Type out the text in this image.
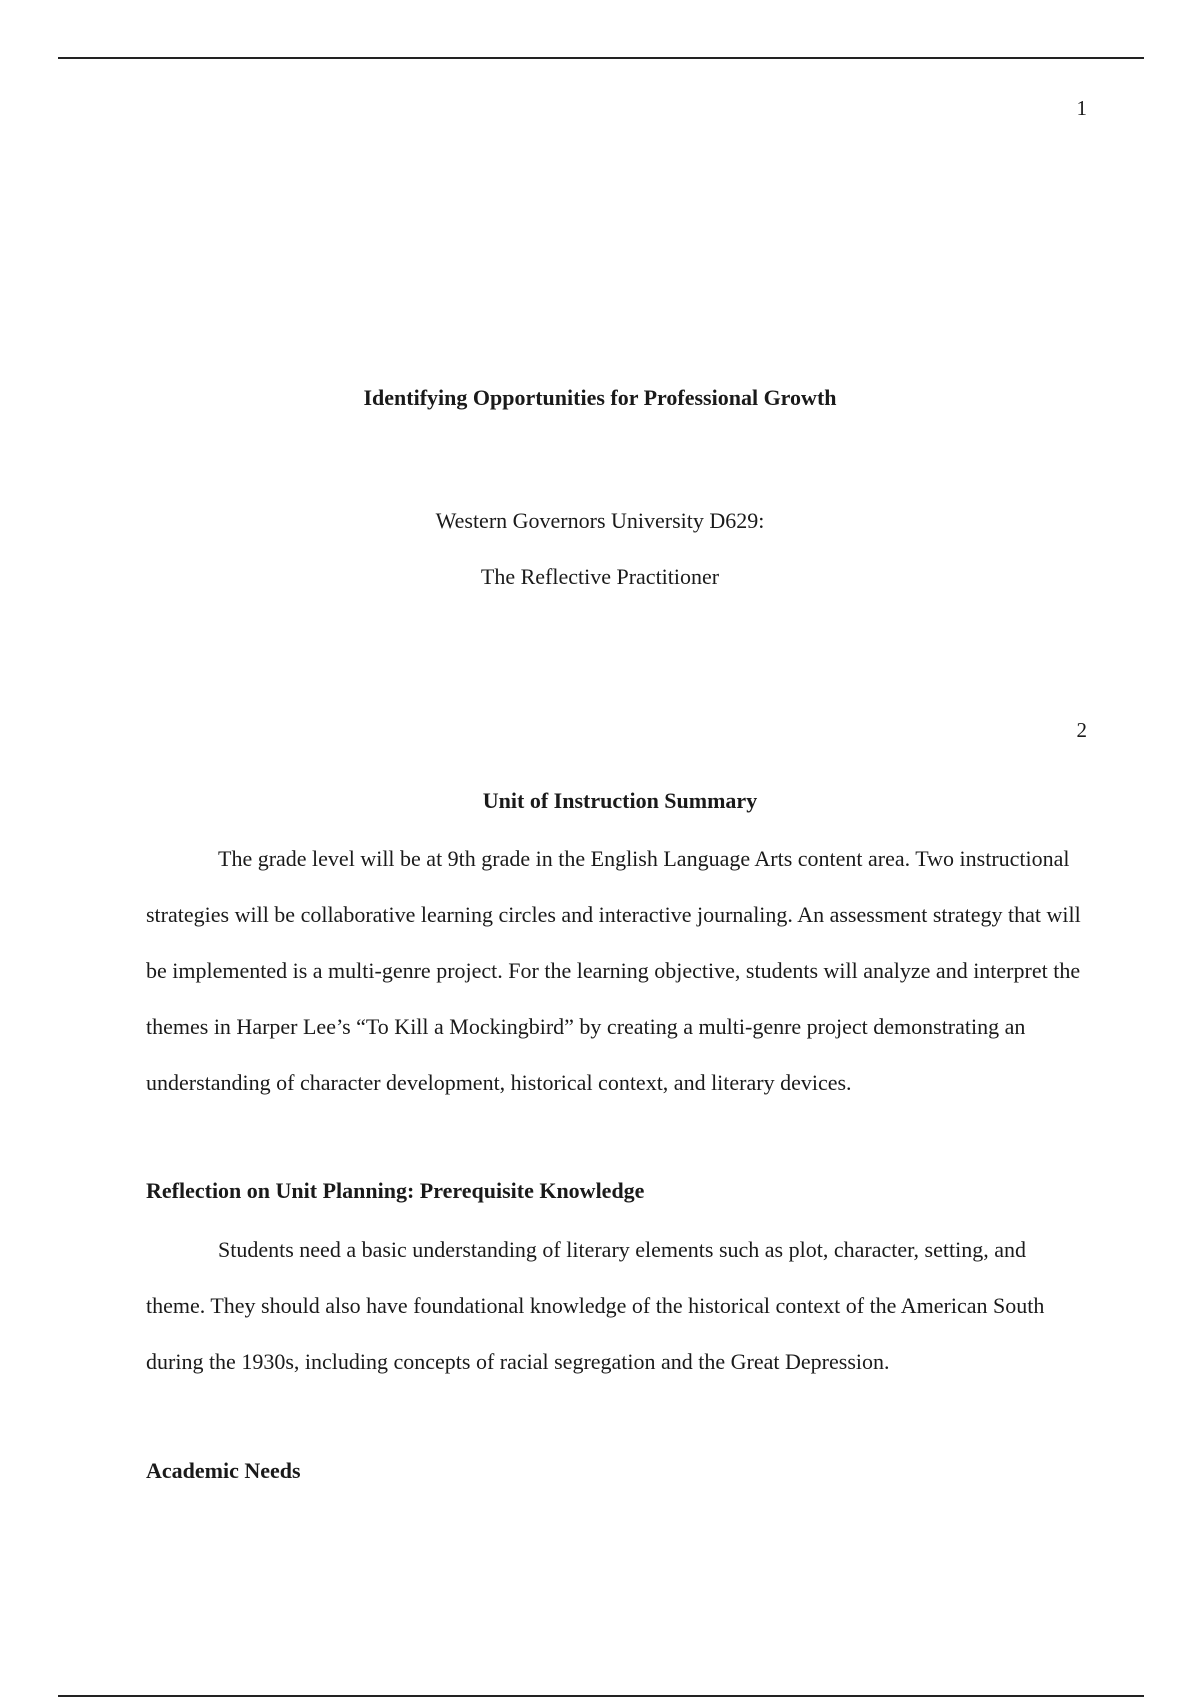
1
Identifying Opportunities for Professional Growth
Western Governors University D629:
The Reflective Practitioner
2
Unit of Instruction Summary

The grade level will be at 9th grade in the English Language Arts content area. Two instructional strategies will be collaborative learning circles and interactive journaling. An assessment strategy that will be implemented is a multi-genre project. For the learning objective, students will analyze and interpret the themes in Harper Lee’s “To Kill a Mockingbird” by creating a multi-genre project demonstrating an understanding of character development, historical context, and literary devices.

Reflection on Unit Planning: Prerequisite Knowledge

Students need a basic understanding of literary elements such as plot, character, setting, and theme. They should also have foundational knowledge of the historical context of the American South during the 1930s, including concepts of racial segregation and the Great Depression.

Academic Needs
